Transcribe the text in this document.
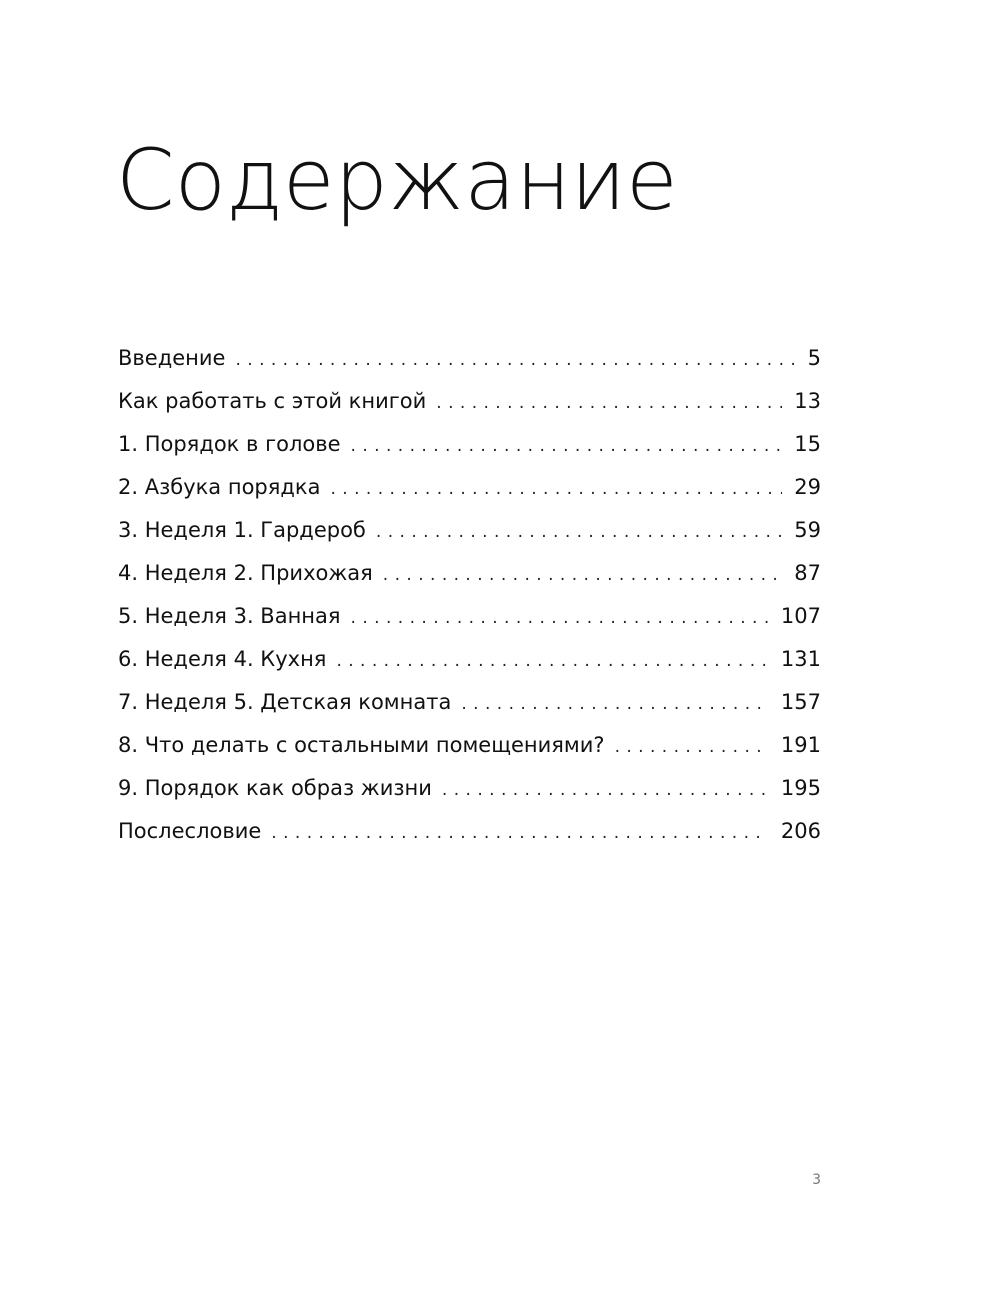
Содержание
Введение . . .	5
Как работать с этой книгой . . .	13
1. Порядок в голове . . .	15
2. Азбука порядка . . .	29
3. Неделя 1. Гардероб . . .	59
4. Неделя 2. Прихожая . . .	87
5. Неделя 3. Ванная . . .	107
6. Неделя 4. Кухня . . .	131
7. Неделя 5. Детская комната . . .	157
8. Что делать с остальными помещениями? . . .	191
9. Порядок как образ жизни . . .	195
Послесловие . . .	206
3
